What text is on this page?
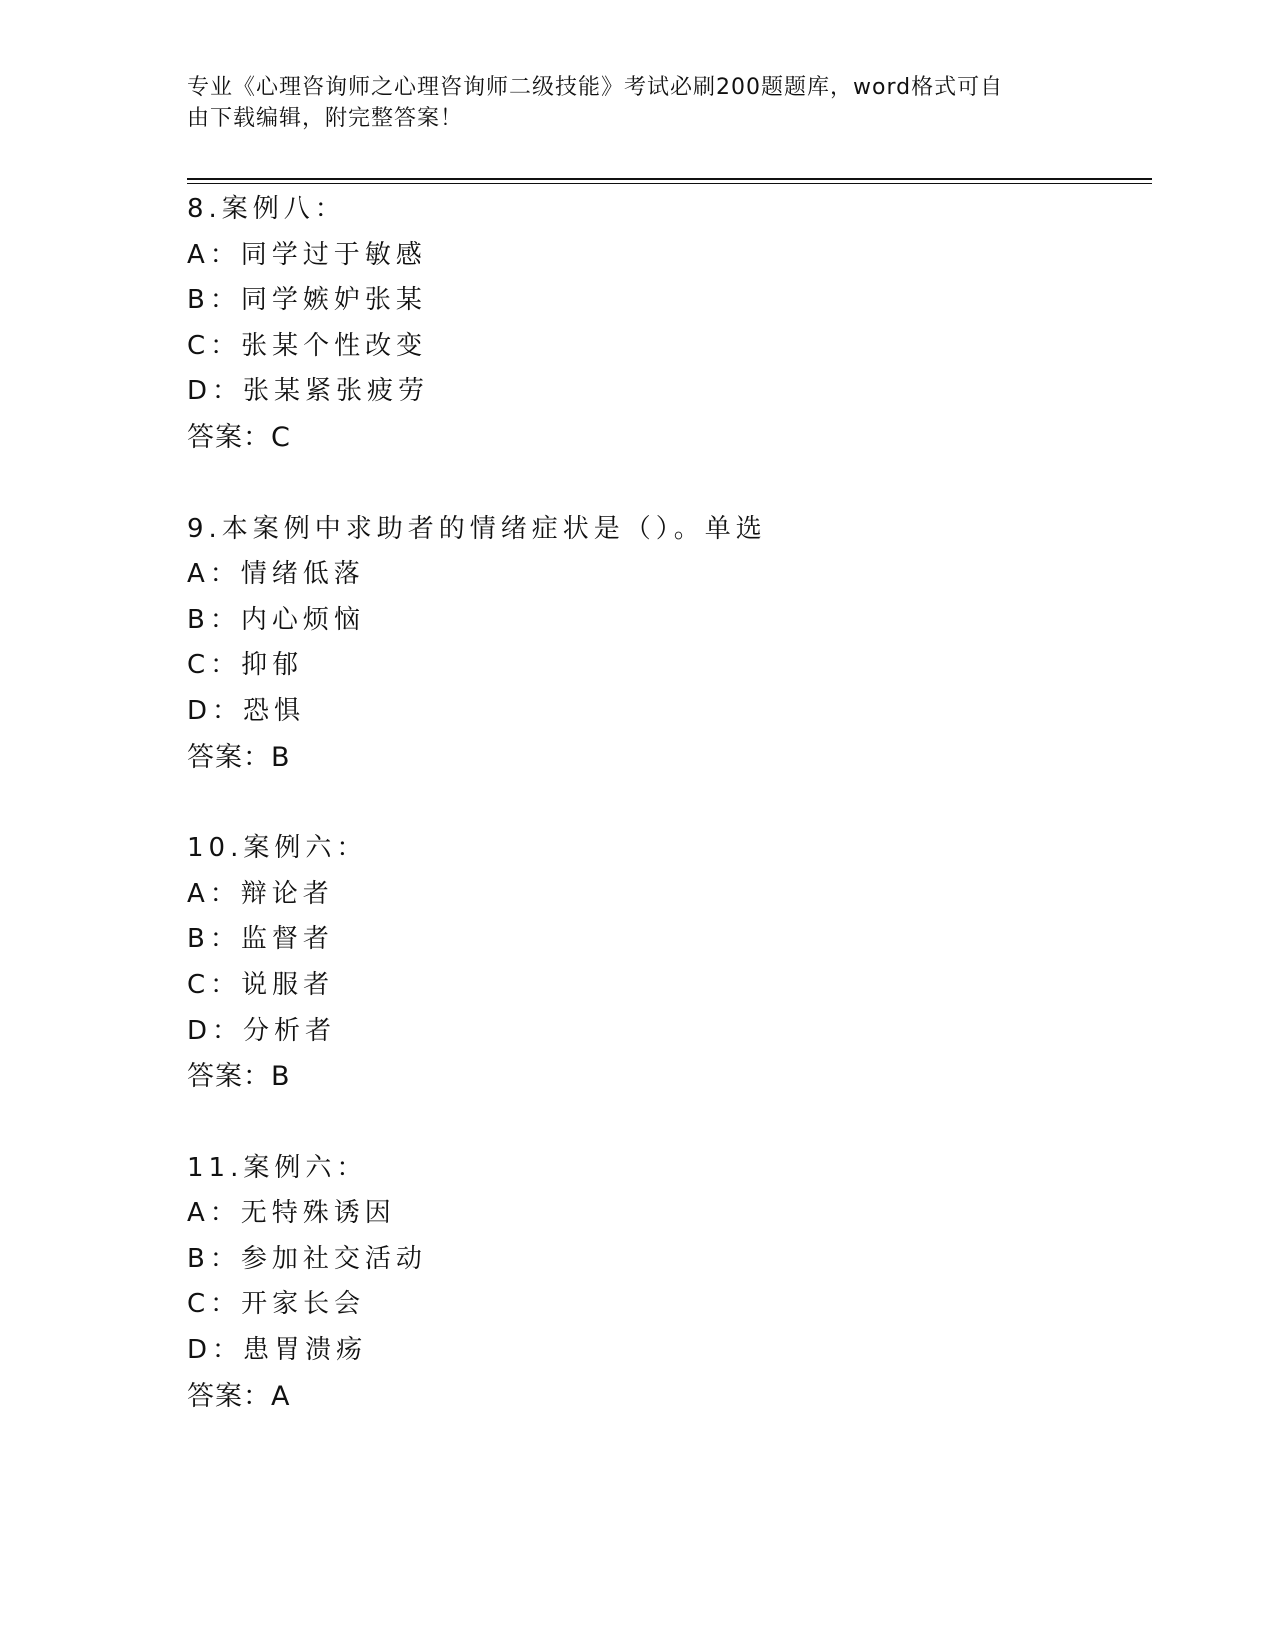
专业《心理咨询师之心理咨询师二级技能》考试必刷200题题库，word格式可自
由下载编辑，附完整答案！
8.案例八：
A：同学过于敏感
B：同学嫉妒张某
C：张某个性改变
D：张某紧张疲劳
答案：C
9.本案例中求助者的情绪症状是（）。单选
A：情绪低落
B：内心烦恼
C：抑郁
D：恐惧
答案：B
10.案例六：
A：辩论者
B：监督者
C：说服者
D：分析者
答案：B
11.案例六：
A：无特殊诱因
B：参加社交活动
C：开家长会
D：患胃溃疡
答案：A
